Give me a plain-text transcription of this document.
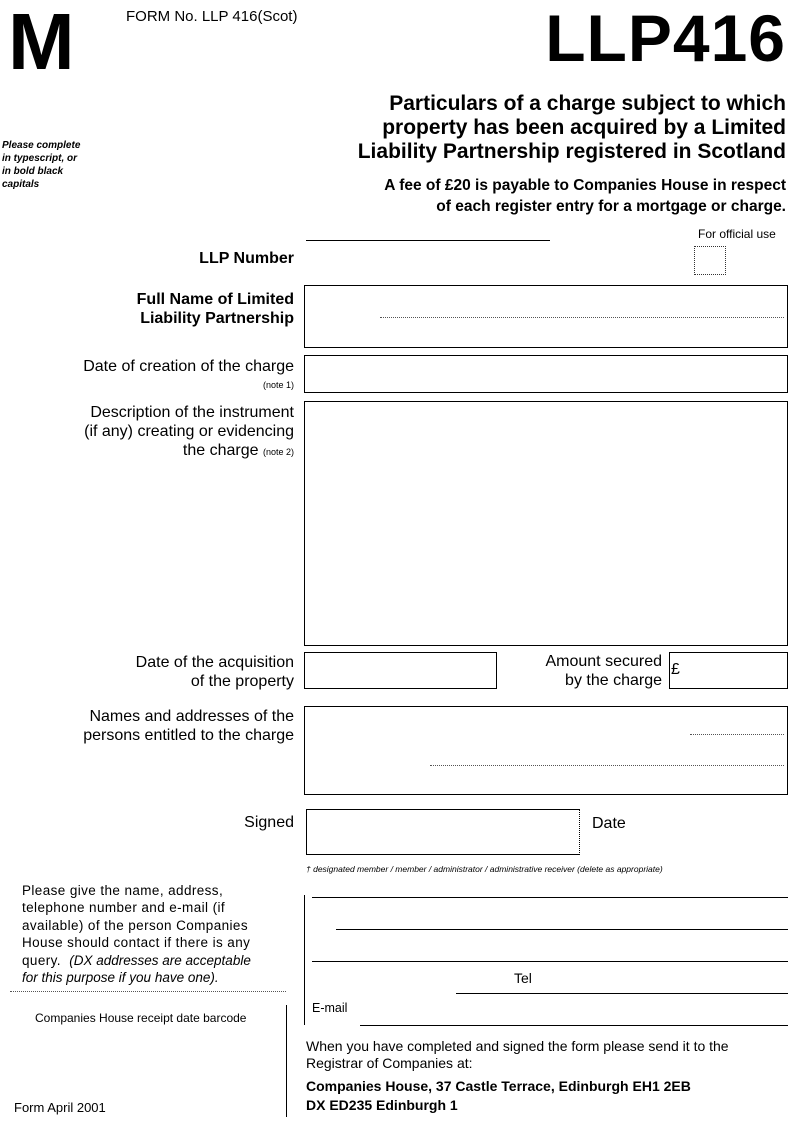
M	FORM No. LLP 416(Scot)	LLP416
Particulars of a charge subject to which
property has been acquired by a Limited
Liability Partnership registered in Scotland
A fee of £20 is payable to Companies House in respect
of each register entry for a mortgage or charge.
Please complete
in typescript, or
in bold black
capitals
For official use
LLP Number
Full Name of Limited
Liability Partnership
Date of creation of the charge
(note 1)
Description of the instrument
(if any) creating or evidencing
the charge (note 2)
Date of the acquisition
of the property
Amount secured
by the charge
£
Names and addresses of the
persons entitled to the charge
Signed	Date
† designated member / member / administrator / administrative receiver (delete as appropriate)
Please give the name, address,
telephone number and e-mail (if
available) of the person Companies
House should contact if there is any
query. (DX addresses are acceptable
for this purpose if you have one).	Tel
E-mail
Companies House receipt date barcode
Form April 2001
When you have completed and signed the form please send it to the
Registrar of Companies at:
Companies House, 37 Castle Terrace, Edinburgh EH1 2EB
DX ED235 Edinburgh 1
